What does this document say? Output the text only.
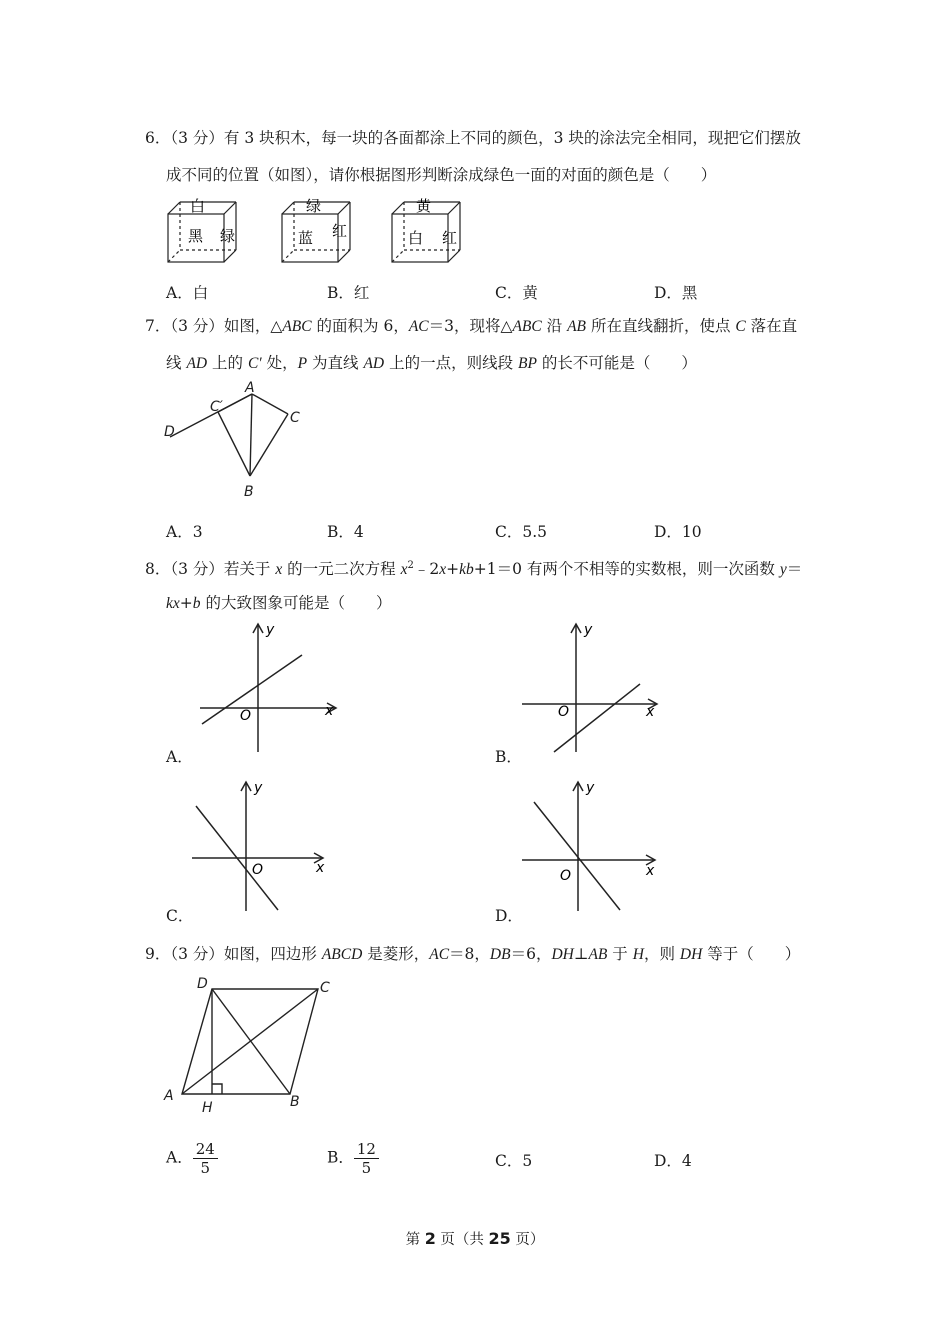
6．（3 分）有 3 块积木，每一块的各面都涂上不同的颜色，3 块的涂法完全相同，现把它们摆放
成不同的位置（如图），请你根据图形判断涂成绿色一面的对面的颜色是（　　）
白
黑 绿
绿
蓝 红
黄
白 红
A．白	B．红	C．黄	D．黑
7．（3 分）如图，△ABC 的面积为 6，AC＝3，现将△ABC 沿 AB 所在直线翻折，使点 C 落在直
线 AD 上的 C′ 处，P 为直线 AD 上的一点，则线段 BP 的长不可能是（　　）
A
C′
C
D
B
A．3	B．4	C．5.5	D．10
8．（3 分）若关于 x 的一元二次方程 $x^2﹣2x+kb+1=0$ 有两个不相等的实数根，则一次函数 y＝
kx+b 的大致图象可能是（　　）
y
x
O
A．
y
x
O
B．
y
x
O
C．
y
x
O
D．
9．（3 分）如图，四边形 ABCD 是菱形，AC＝8，DB＝6，DH⊥AB 于 H，则 DH 等于（　　）
D	C
A
H	B
A． $\frac{24}{5}$	B． $\frac{12}{5}$	C．5	D．4
第 2 页（共 25 页）
